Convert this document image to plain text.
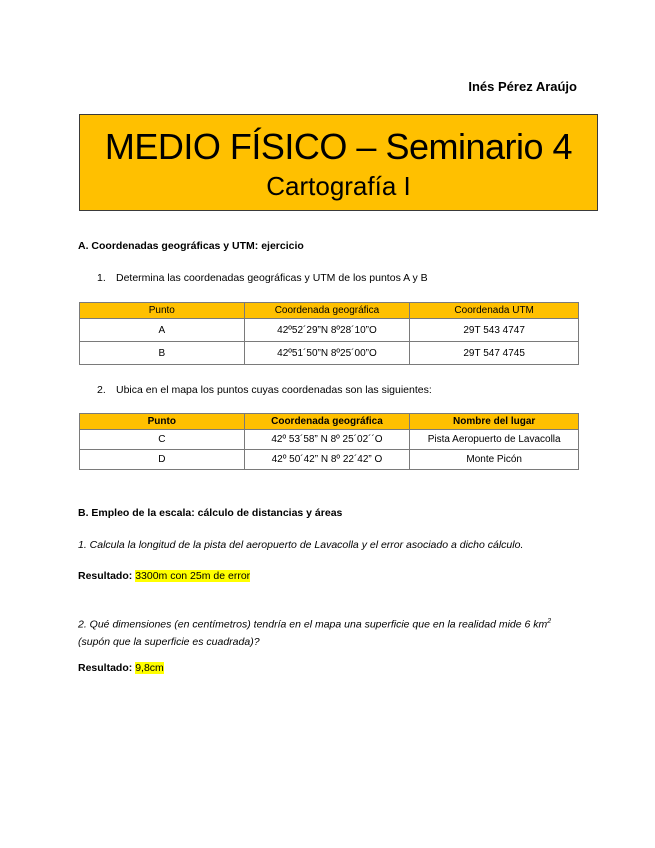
Inés Pérez Araújo
MEDIO FÍSICO – Seminario 4
Cartografía I
A. Coordenadas geográficas y UTM: ejercicio
1. Determina las coordenadas geográficas y UTM de los puntos A y B
Punto	Coordenada geográfica	Coordenada UTM
A	42º52´29”N 8º28´10”O	29T 543 4747
B	42º51´50”N 8º25´00”O	29T 547 4745
2. Ubica en el mapa los puntos cuyas coordenadas son las siguientes:
Punto	Coordenada geográfica	Nombre del lugar
C	42º 53´58” N 8º 25´02´´O	Pista Aeropuerto de Lavacolla
D	42º 50´42” N 8º 22´42” O	Monte Picón
B. Empleo de la escala: cálculo de distancias y áreas
1. Calcula la longitud de la pista del aeropuerto de Lavacolla y el error asociado a dicho cálculo.
Resultado: 3300m con 25m de error
2. Qué dimensiones (en centímetros) tendría en el mapa una superficie que en la realidad mide 6 $km^2$ (supón que la superficie es cuadrada)?
Resultado: 9,8cm
